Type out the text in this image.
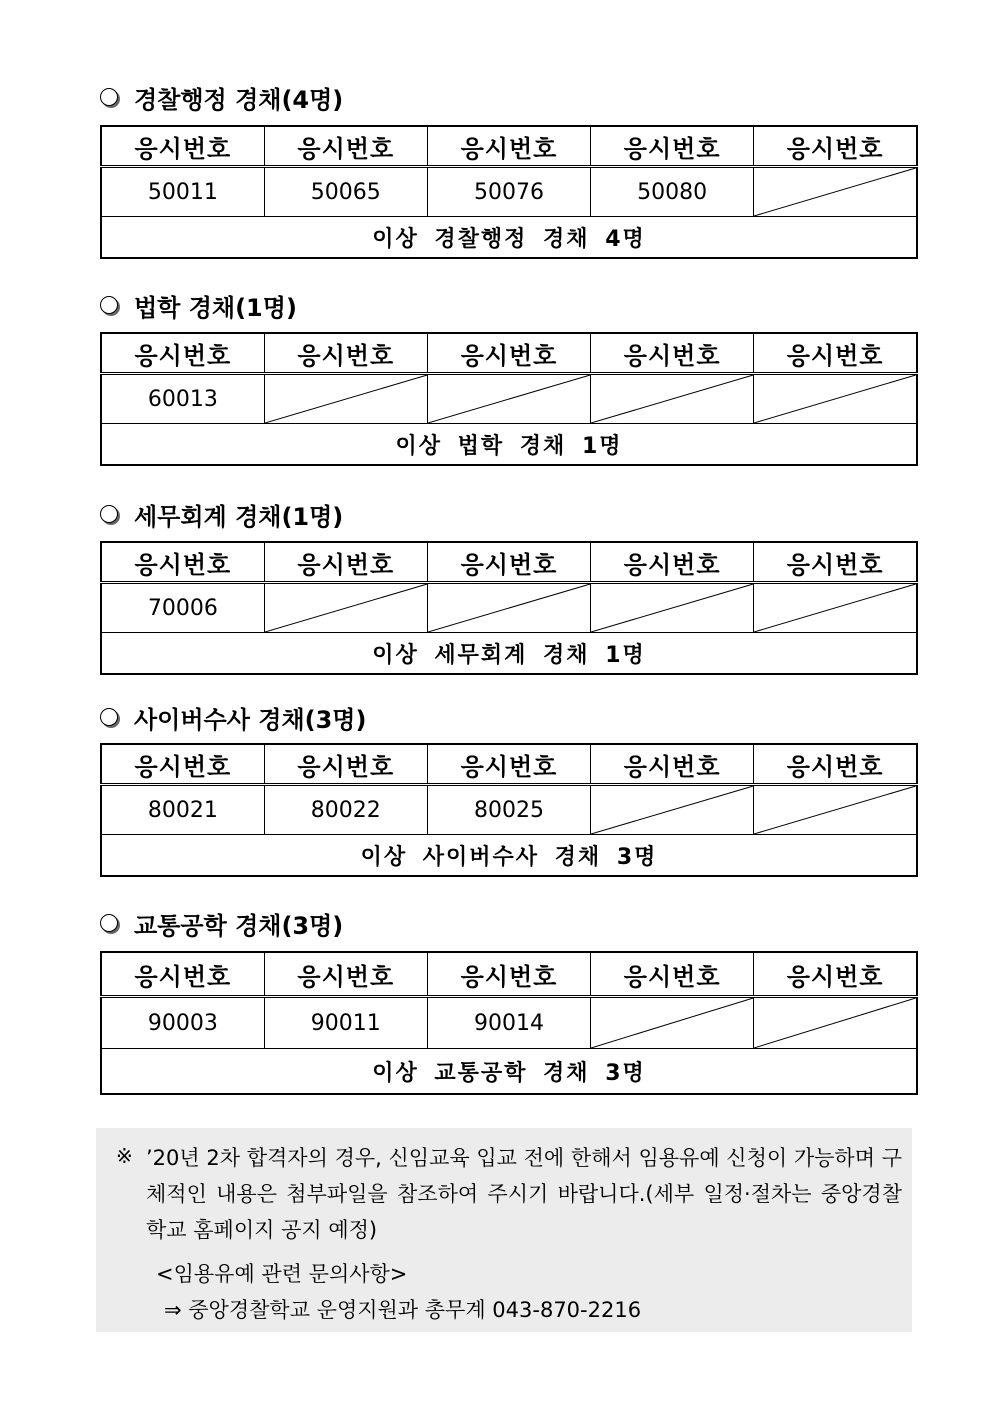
경찰행정 경채(4명)
응시번호	응시번호	응시번호	응시번호	응시번호
50011	50065	50076	50080	

이상 경찰행정 경채 4명				
법학 경채(1명)
응시번호	응시번호	응시번호	응시번호	응시번호
60013	

이상 법학 경채 1명				
세무회계 경채(1명)
응시번호	응시번호	응시번호	응시번호	응시번호
70006	

이상 세무회계 경채 1명				
사이버수사 경채(3명)
응시번호	응시번호	응시번호	응시번호	응시번호
80021	80022	80025	

이상 사이버수사 경채 3명				
교통공학 경채(3명)
응시번호	응시번호	응시번호	응시번호	응시번호
90003	90011	90014	

이상 교통공학 경채 3명				
※ ’20년 2차 합격자의 경우, 신임교육 입교 전에 한해서 임용유예 신청이 가능하며 구체적인 내용은 첨부파일을 참조하여 주시기 바랍니다.(세부 일정·절차는 중앙경찰학교 홈페이지 공지 예정)
<임용유예 관련 문의사항>
⇒ 중앙경찰학교 운영지원과 총무계 043-870-2216
